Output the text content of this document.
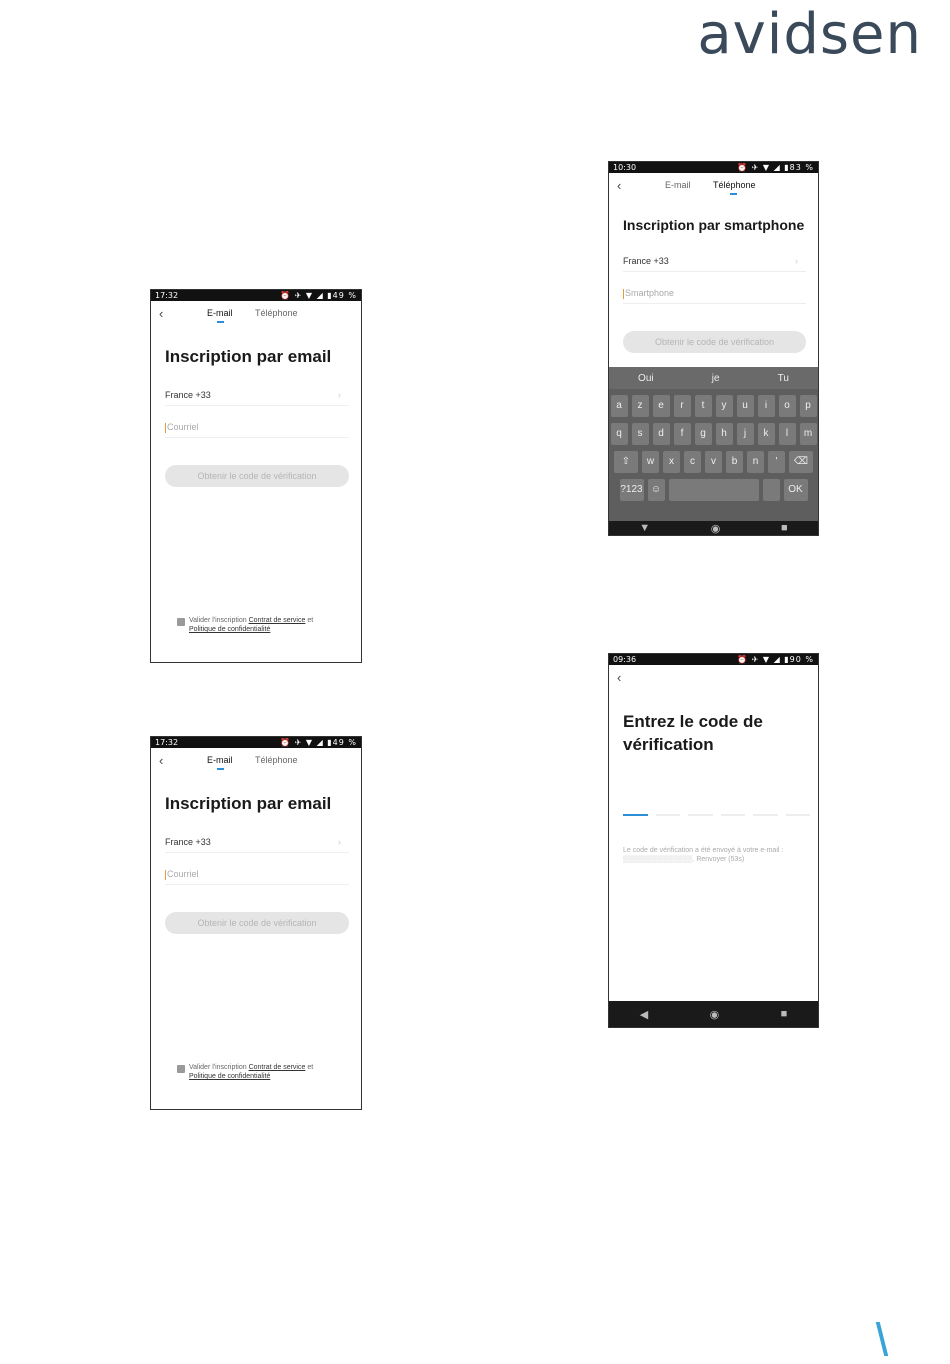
avidsen
17:32	⏰ ✈ ▼ ◢ ▮49 %
‹	E-mail Téléphone
Inscription par email
France +33	›
Courriel
Obtenir le code de vérification
Valider l'inscription Contrat de service et
Politique de confidentialité
17:32	⏰ ✈ ▼ ◢ ▮49 %
‹	E-mail Téléphone
Inscription par email
France +33	›
Courriel
Obtenir le code de vérification
Valider l'inscription Contrat de service et
Politique de confidentialité
10:30	⏰ ✈ ▼ ◢ ▮83 %
‹	E-mail Téléphone
Inscription par smartphone
France +33	›
Smartphone
Obtenir le code de vérification
Oui	je	Tu
a	z	e	r	t	y	u	i	o	p
q	s	d	f	g	h	j	k	l	m
⇧	w	x	c	v	b	n	'	⌫
?123 ☺	OK
▼	◉	■
09:36	⏰ ✈ ▼ ◢ ▮90 %
‹
Entrez le code de
vérification
Le code de vérification a été envoyé à votre e-mail :
▒▒▒▒▒▒▒▒▒▒▒▒▒▒, Renvoyer (53s)
◀	◉	■
